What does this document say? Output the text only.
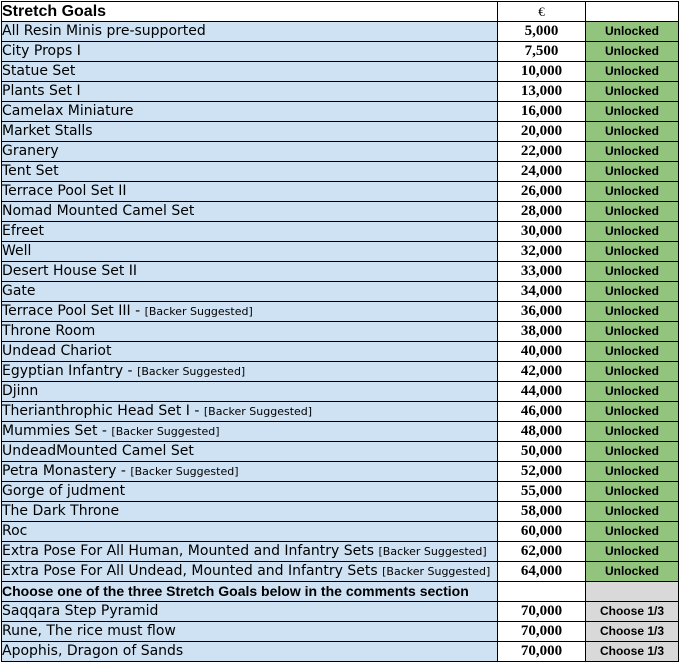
Stretch Goals	€	
All Resin Minis pre-supported	5,000	Unlocked
City Props I	7,500	Unlocked
Statue Set	10,000	Unlocked
Plants Set I	13,000	Unlocked
Camelax Miniature	16,000	Unlocked
Market Stalls	20,000	Unlocked
Granery	22,000	Unlocked
Tent Set	24,000	Unlocked
Terrace Pool Set II	26,000	Unlocked
Nomad Mounted Camel Set	28,000	Unlocked
Efreet	30,000	Unlocked
Well	32,000	Unlocked
Desert House Set II	33,000	Unlocked
Gate	34,000	Unlocked
Terrace Pool Set III - [Backer Suggested]	36,000	Unlocked
Throne Room	38,000	Unlocked
Undead Chariot	40,000	Unlocked
Egyptian Infantry - [Backer Suggested]	42,000	Unlocked
Djinn	44,000	Unlocked
Therianthrophic Head Set I - [Backer Suggested]	46,000	Unlocked
Mummies Set - [Backer Suggested]	48,000	Unlocked
UndeadMounted Camel Set	50,000	Unlocked
Petra Monastery - [Backer Suggested]	52,000	Unlocked
Gorge of judment	55,000	Unlocked
The Dark Throne	58,000	Unlocked
Roc	60,000	Unlocked
Extra Pose For All Human, Mounted and Infantry Sets [Backer Suggested]	62,000	Unlocked
Extra Pose For All Undead, Mounted and Infantry Sets [Backer Suggested]	64,000	Unlocked
Choose one of the three Stretch Goals below in the comments section		
Saqqara Step Pyramid	70,000	Choose 1/3
Rune, The rice must flow	70,000	Choose 1/3
Apophis, Dragon of Sands	70,000	Choose 1/3
